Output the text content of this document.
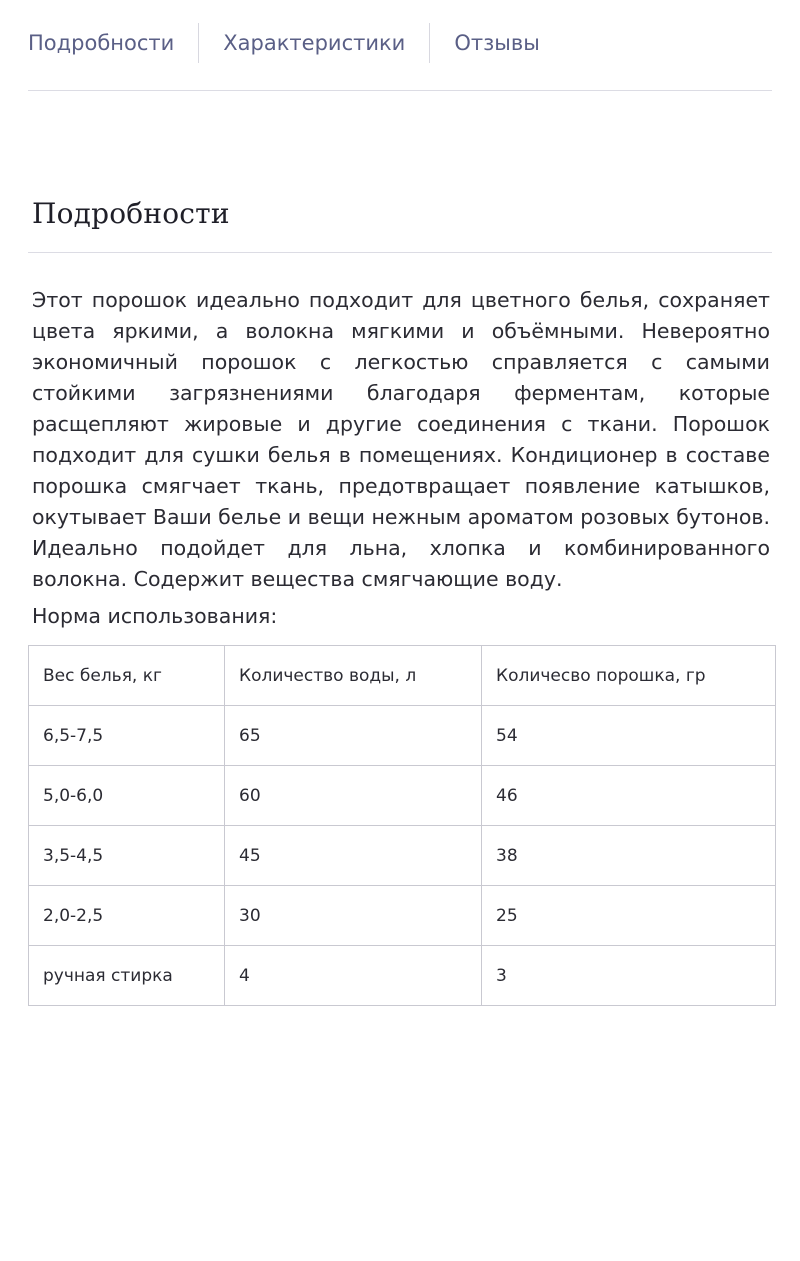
Подробности	Характеристики	Отзывы
Подробности

Этот порошок идеально подходит для цветного белья, сохраняет цвета яркими, а волокна мягкими и объёмными. Невероятно экономичный порошок с легкостью справляется с самыми стойкими загрязнениями благодаря ферментам, которые расщепляют жировые и другие соединения с ткани. Порошок подходит для сушки белья в помещениях. Кондиционер в составе порошка смягчает ткань, предотвращает появление катышков, окутывает Ваши белье и вещи нежным ароматом розовых бутонов. Идеально подойдет для льна, хлопка и комбинированного волокна. Содержит вещества смягчающие воду.

Норма использования:
Вес белья, кг	Количество воды, л	Количесво порошка, гр
6,5-7,5	65	54
5,0-6,0	60	46
3,5-4,5	45	38
2,0-2,5	30	25
ручная стирка	4	3
